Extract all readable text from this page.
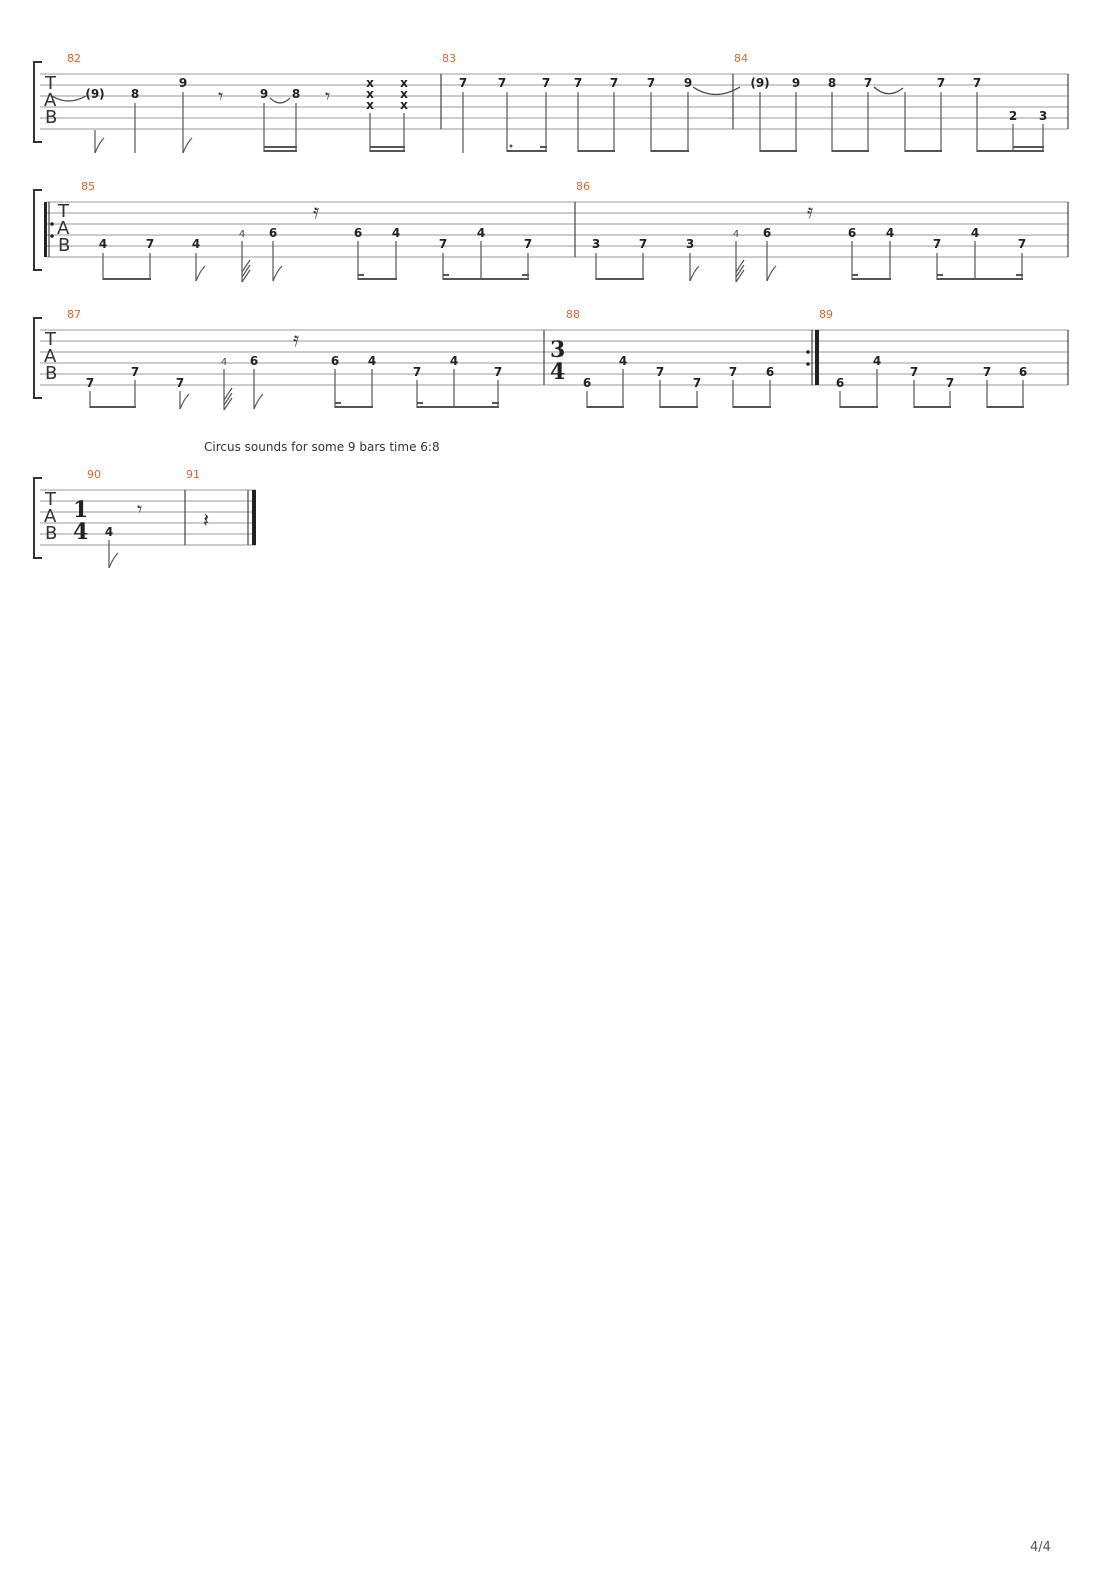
T
A
B
T
A
B
T
A
B
T
A
B
82	83	84
85	86
87	88	89
90	91
3
4
1
4
Circus sounds for some 9 bars time 6:8
(9) 8
9
9 8
x
x
x
x
x
x
7	7	7 7 7 7 9	(9) 9 8 7	7 7
2 3
𝄾	𝄾
4	7	4
4 6	6 4
7
4
7	3	7	3
4 6	6 4
7
4
7
𝄿	𝄿
7
7
7
4 6	6 4
7
4
7
6
4
7
7
7 6
6
4
7
7
7 6
𝄿
4
𝄾	𝄽
4/4
